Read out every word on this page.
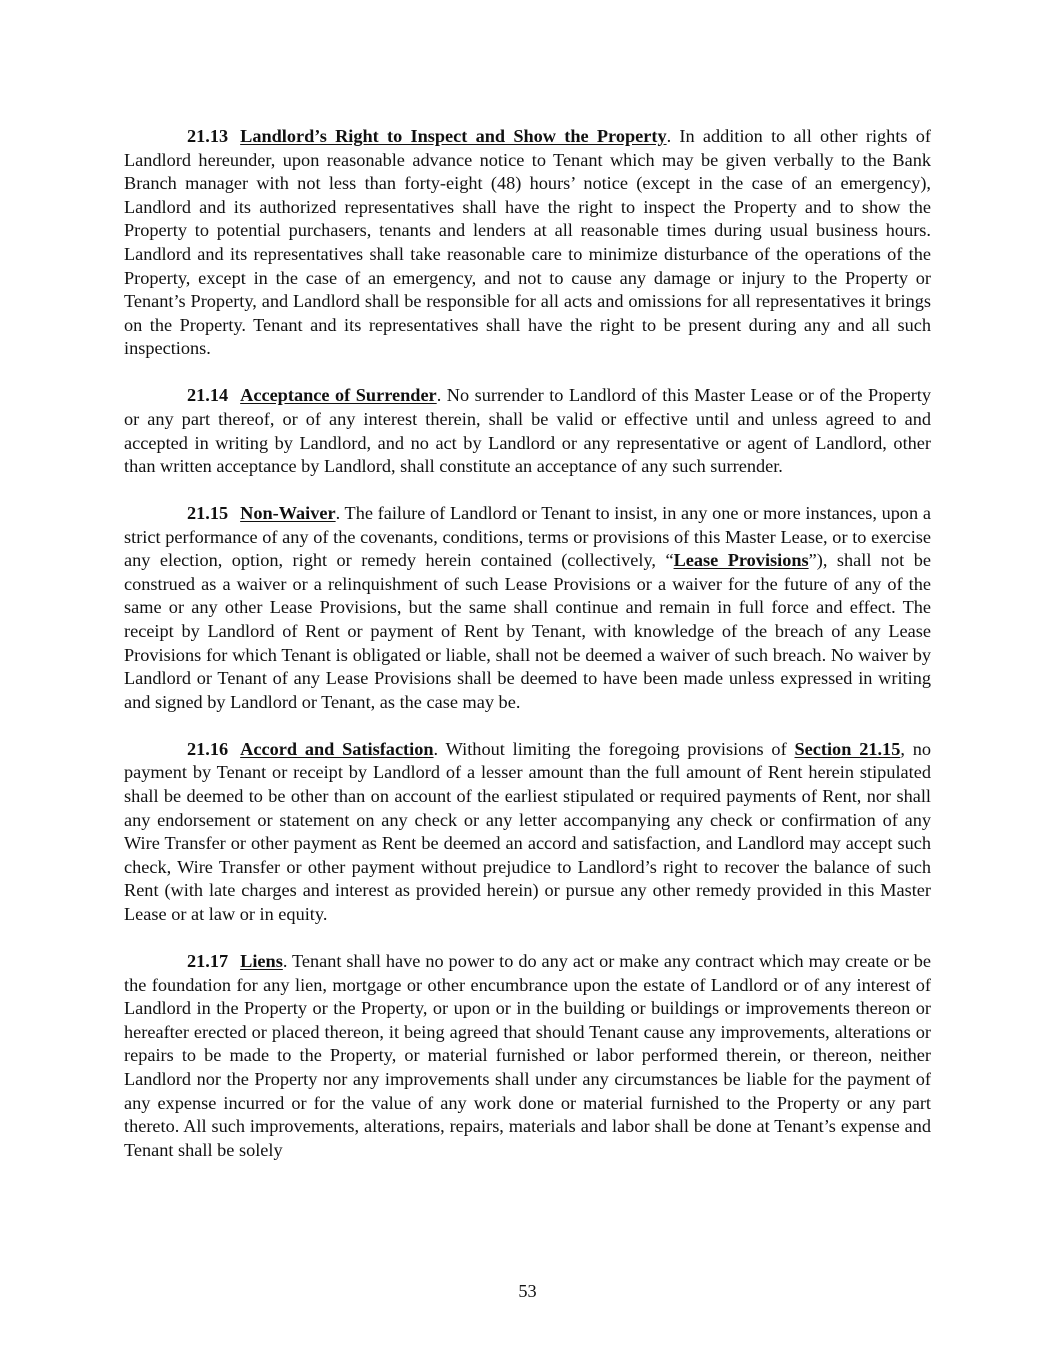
21.13 Landlord’s Right to Inspect and Show the Property. In addition to all other rights of Landlord hereunder, upon reasonable advance notice to Tenant which may be given verbally to the Bank Branch manager with not less than forty-eight (48) hours’ notice (except in the case of an emergency), Landlord and its authorized representatives shall have the right to inspect the Property and to show the Property to potential purchasers, tenants and lenders at all reasonable times during usual business hours. Landlord and its representatives shall take reasonable care to minimize disturbance of the operations of the Property, except in the case of an emergency, and not to cause any damage or injury to the Property or Tenant’s Property, and Landlord shall be responsible for all acts and omissions for all representatives it brings on the Property. Tenant and its representatives shall have the right to be present during any and all such inspections.

21.14 Acceptance of Surrender. No surrender to Landlord of this Master Lease or of the Property or any part thereof, or of any interest therein, shall be valid or effective until and unless agreed to and accepted in writing by Landlord, and no act by Landlord or any representative or agent of Landlord, other than written acceptance by Landlord, shall constitute an acceptance of any such surrender.

21.15 Non-Waiver. The failure of Landlord or Tenant to insist, in any one or more instances, upon a strict performance of any of the covenants, conditions, terms or provisions of this Master Lease, or to exercise any election, option, right or remedy herein contained (collectively, “Lease Provisions”), shall not be construed as a waiver or a relinquishment of such Lease Provisions or a waiver for the future of any of the same or any other Lease Provisions, but the same shall continue and remain in full force and effect. The receipt by Landlord of Rent or payment of Rent by Tenant, with knowledge of the breach of any Lease Provisions for which Tenant is obligated or liable, shall not be deemed a waiver of such breach. No waiver by Landlord or Tenant of any Lease Provisions shall be deemed to have been made unless expressed in writing and signed by Landlord or Tenant, as the case may be.

21.16 Accord and Satisfaction. Without limiting the foregoing provisions of Section 21.15, no payment by Tenant or receipt by Landlord of a lesser amount than the full amount of Rent herein stipulated shall be deemed to be other than on account of the earliest stipulated or required payments of Rent, nor shall any endorsement or statement on any check or any letter accompanying any check or confirmation of any Wire Transfer or other payment as Rent be deemed an accord and satisfaction, and Landlord may accept such check, Wire Transfer or other payment without prejudice to Landlord’s right to recover the balance of such Rent (with late charges and interest as provided herein) or pursue any other remedy provided in this Master Lease or at law or in equity.

21.17 Liens. Tenant shall have no power to do any act or make any contract which may create or be the foundation for any lien, mortgage or other encumbrance upon the estate of Landlord or of any interest of Landlord in the Property or the Property, or upon or in the building or buildings or improvements thereon or hereafter erected or placed thereon, it being agreed that should Tenant cause any improvements, alterations or repairs to be made to the Property, or material furnished or labor performed therein, or thereon, neither Landlord nor the Property nor any improvements shall under any circumstances be liable for the payment of any expense incurred or for the value of any work done or material furnished to the Property or any part thereto. All such improvements, alterations, repairs, materials and labor shall be done at Tenant’s expense and Tenant shall be solely

53
